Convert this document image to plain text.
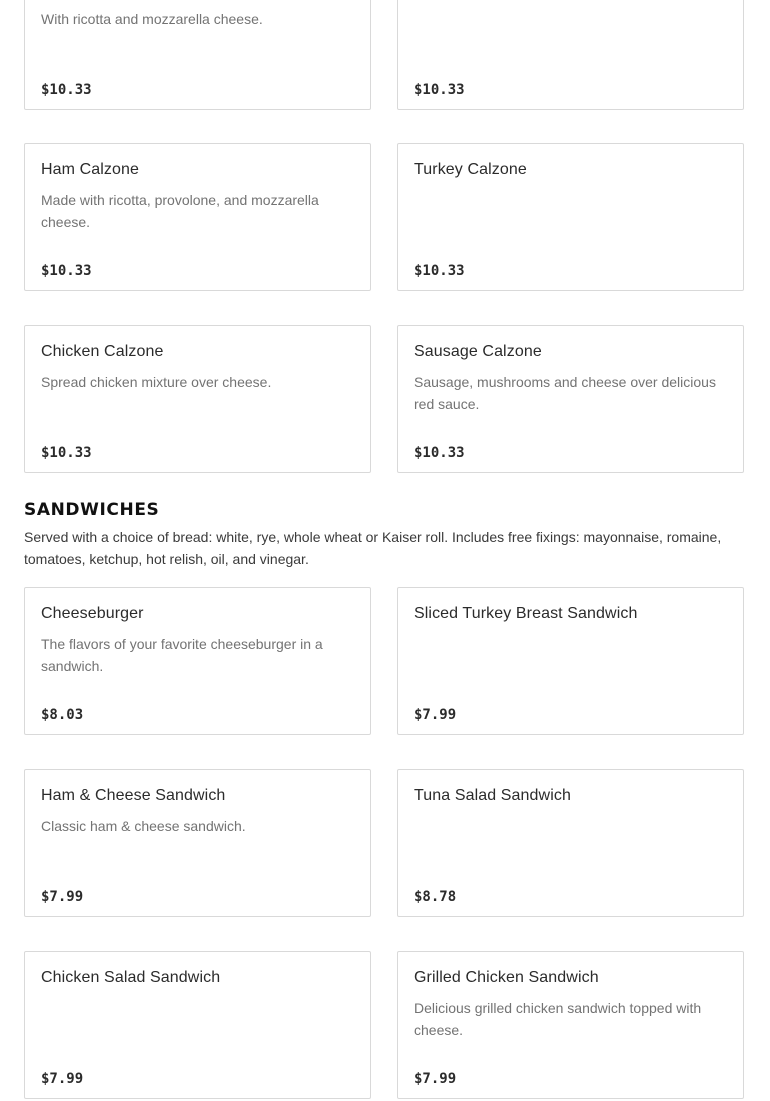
With ricotta and mozzarella cheese.
$10.33	$10.33
Ham Calzone
Made with ricotta, provolone, and mozzarella cheese.
$10.33
Turkey Calzone
$10.33
Chicken Calzone
Spread chicken mixture over cheese.
$10.33
Sausage Calzone
Sausage, mushrooms and cheese over delicious red sauce.
$10.33
SANDWICHES

Served with a choice of bread: white, rye, whole wheat or Kaiser roll. Includes free fixings: mayonnaise, romaine, tomatoes, ketchup, hot relish, oil, and vinegar.

Cheeseburger
The flavors of your favorite cheeseburger in a sandwich.
$8.03
Sliced Turkey Breast Sandwich
$7.99
Ham & Cheese Sandwich
Classic ham & cheese sandwich.
$7.99
Tuna Salad Sandwich
$8.78
Chicken Salad Sandwich
$7.99
Grilled Chicken Sandwich
Delicious grilled chicken sandwich topped with cheese.
$7.99
